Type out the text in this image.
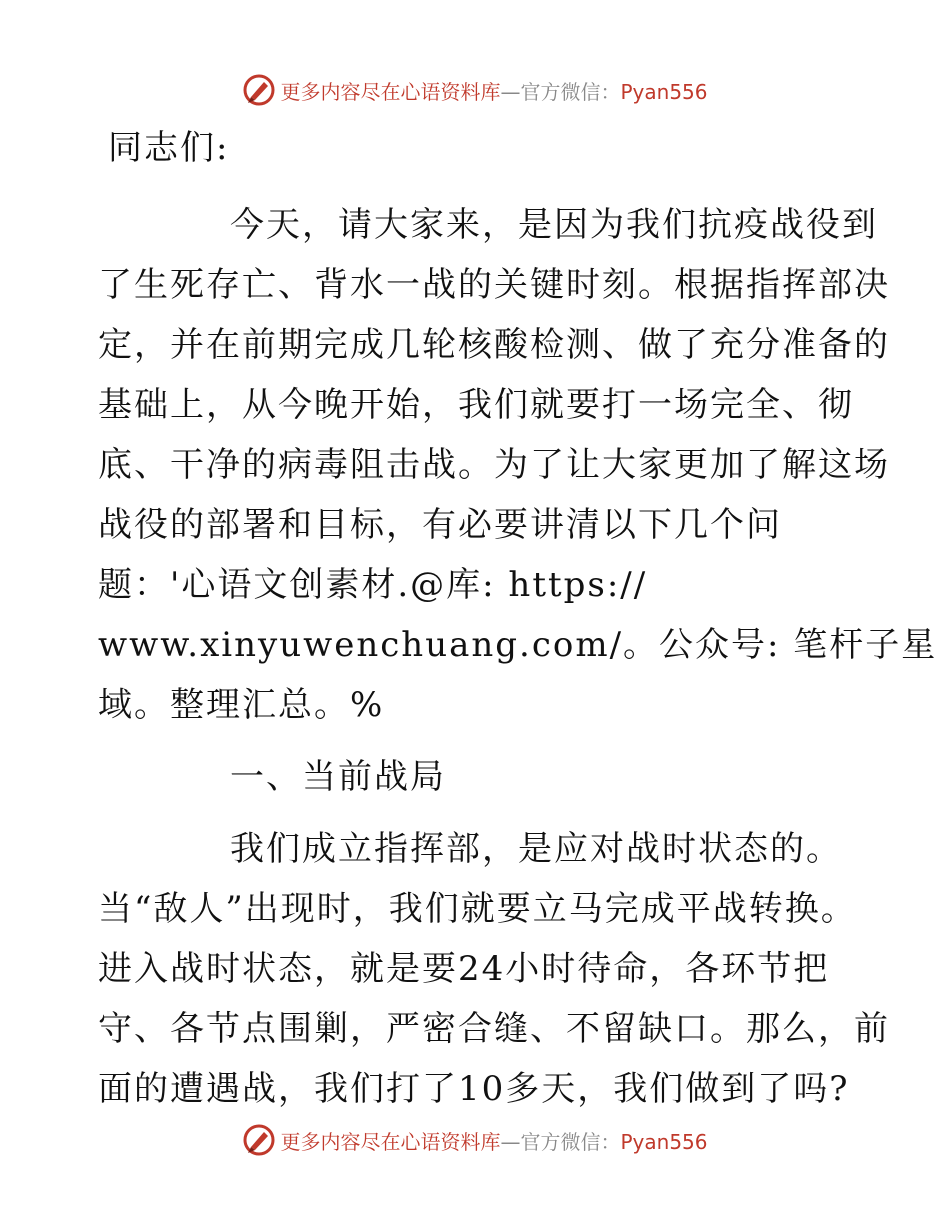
更多内容尽在心语资料库—官方微信：Pyan556
同志们:
今天，请大家来，是因为我们抗疫战役到
了生死存亡、背水一战的关键时刻。根据指挥部决
定，并在前期完成几轮核酸检测、做了充分准备的
基础上，从今晚开始，我们就要打一场完全、彻
底、干净的病毒阻击战。为了让大家更加了解这场
战役的部署和目标，有必要讲清以下几个问
题：'心语文创素材.@库: https://
www.xinyuwenchuang.com/。公众号: 笔杆子星
域。整理汇总。%
一、当前战局
我们成立指挥部，是应对战时状态的。
当“敌人”出现时，我们就要立马完成平战转换。
进入战时状态，就是要24小时待命，各环节把
守、各节点围剿，严密合缝、不留缺口。那么，前
面的遭遇战，我们打了10多天，我们做到了吗?
更多内容尽在心语资料库—官方微信：Pyan556
